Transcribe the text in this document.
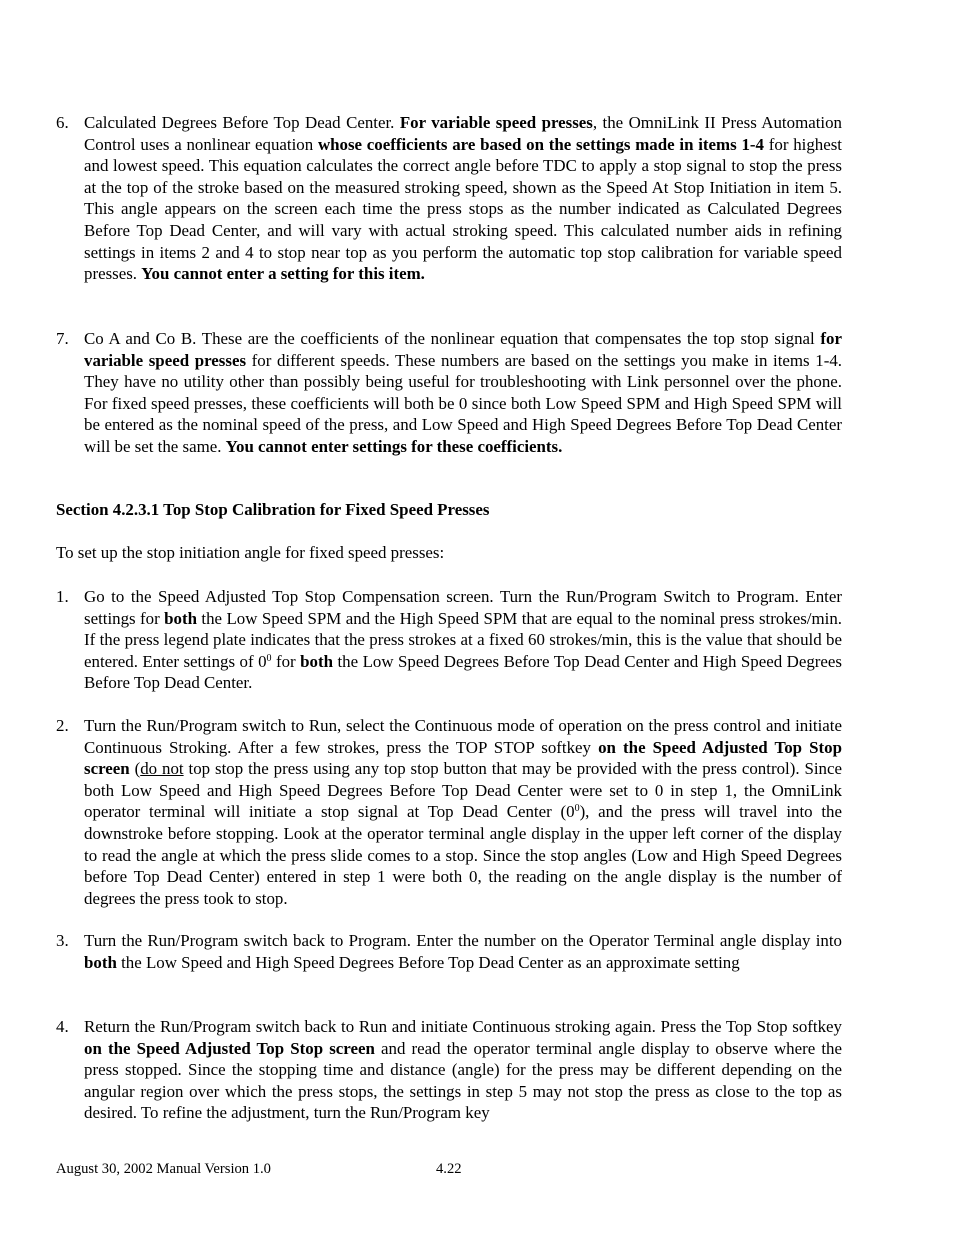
6. Calculated Degrees Before Top Dead Center. For variable speed presses, the OmniLink II Press Automation Control uses a nonlinear equation whose coefficients are based on the settings made in items 1-4 for highest and lowest speed. This equation calculates the correct angle before TDC to apply a stop signal to stop the press at the top of the stroke based on the measured stroking speed, shown as the Speed At Stop Initiation in item 5. This angle appears on the screen each time the press stops as the number indicated as Calculated Degrees Before Top Dead Center, and will vary with actual stroking speed. This calculated number aids in refining settings in items 2 and 4 to stop near top as you perform the automatic top stop calibration for variable speed presses. You cannot enter a setting for this item.
7. Co A and Co B. These are the coefficients of the nonlinear equation that compensates the top stop signal for variable speed presses for different speeds. These numbers are based on the settings you make in items 1-4. They have no utility other than possibly being useful for troubleshooting with Link personnel over the phone. For fixed speed presses, these coefficients will both be 0 since both Low Speed SPM and High Speed SPM will be entered as the nominal speed of the press, and Low Speed and High Speed Degrees Before Top Dead Center will be set the same. You cannot enter settings for these coefficients.
Section 4.2.3.1 Top Stop Calibration for Fixed Speed Presses
To set up the stop initiation angle for fixed speed presses:
1. Go to the Speed Adjusted Top Stop Compensation screen. Turn the Run/Program Switch to Program. Enter settings for both the Low Speed SPM and the High Speed SPM that are equal to the nominal press strokes/min. If the press legend plate indicates that the press strokes at a fixed 60 strokes/min, this is the value that should be entered. Enter settings of $0^0$ for both the Low Speed Degrees Before Top Dead Center and High Speed Degrees Before Top Dead Center.
2. Turn the Run/Program switch to Run, select the Continuous mode of operation on the press control and initiate Continuous Stroking. After a few strokes, press the TOP STOP softkey on the Speed Adjusted Top Stop screen (do not top stop the press using any top stop button that may be provided with the press control). Since both Low Speed and High Speed Degrees Before Top Dead Center were set to 0 in step 1, the OmniLink operator terminal will initiate a stop signal at Top Dead Center $(0^0)$, and the press will travel into the downstroke before stopping. Look at the operator terminal angle display in the upper left corner of the display to read the angle at which the press slide comes to a stop. Since the stop angles (Low and High Speed Degrees before Top Dead Center) entered in step 1 were both 0, the reading on the angle display is the number of degrees the press took to stop.
3. Turn the Run/Program switch back to Program. Enter the number on the Operator Terminal angle display into both the Low Speed and High Speed Degrees Before Top Dead Center as an approximate setting
4. Return the Run/Program switch back to Run and initiate Continuous stroking again. Press the Top Stop softkey on the Speed Adjusted Top Stop screen and read the operator terminal angle display to observe where the press stopped. Since the stopping time and distance (angle) for the press may be different depending on the angular region over which the press stops, the settings in step 5 may not stop the press as close to the top as desired. To refine the adjustment, turn the Run/Program key
August 30, 2002 Manual Version 1.0	4.22
